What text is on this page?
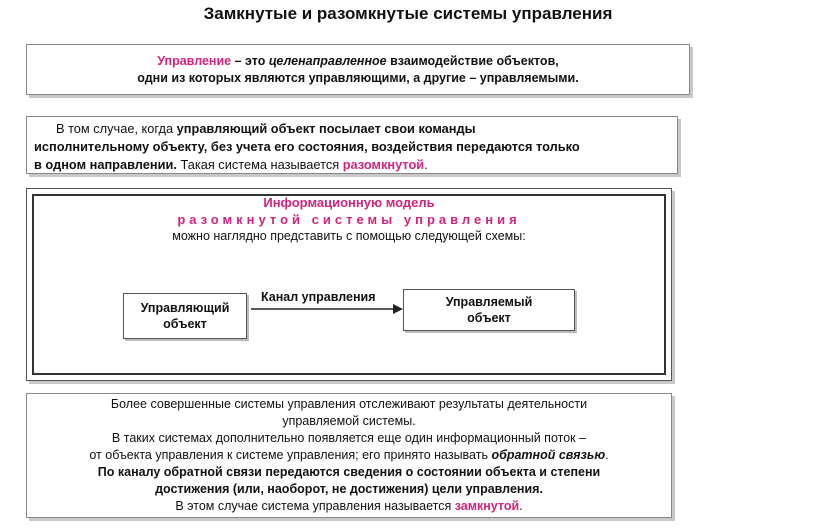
Замкнутые и разомкнутые системы управления
Управление – это целенаправленное взаимодействие объектов,
одни из которых являются управляющими, а другие – управляемыми.
В том случае, когда управляющий объект посылает свои команды
исполнительному объекту, без учета его состояния, воздействия передаются только
в одном направлении. Такая система называется разомкнутой.
Информационную модель
разомкнутой системы управления
можно наглядно представить с помощью следующей схемы:
Управляющий объект
Канал управления	Управляемый объект
Более совершенные системы управления отслеживают результаты деятельности
управляемой системы.
В таких системах дополнительно появляется еще один информационный поток –
от объекта управления к системе управления; его принято называть обратной связью.
По каналу обратной связи передаются сведения о состоянии объекта и степени
достижения (или, наоборот, не достижения) цели управления.
В этом случае система управления называется замкнутой.
